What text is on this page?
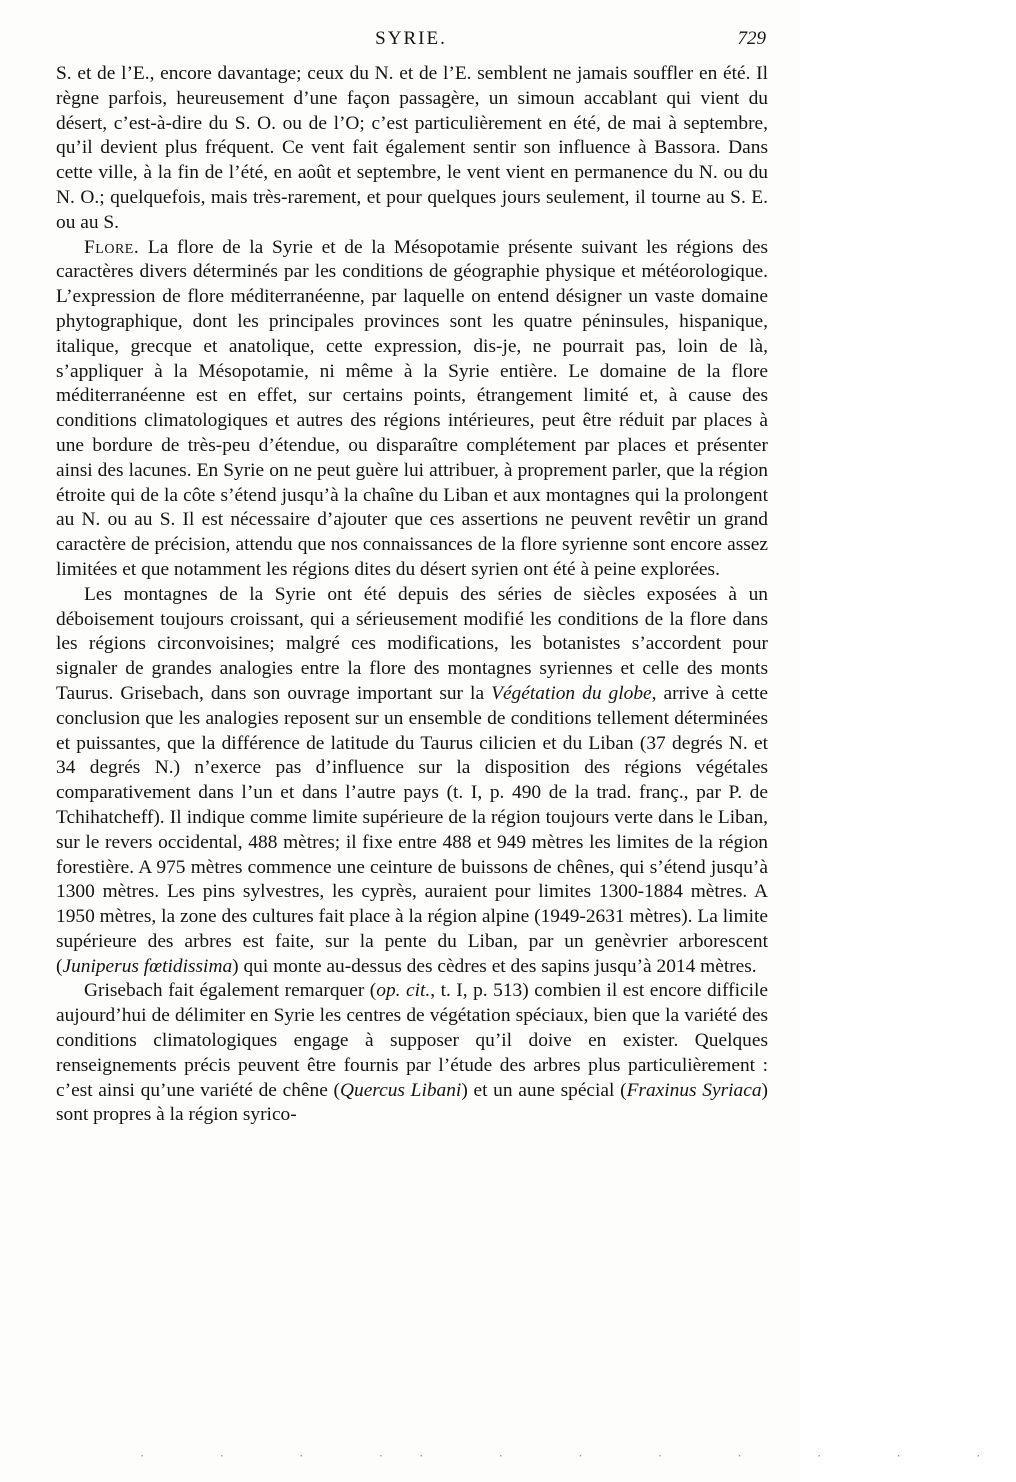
SYRIE.	729

S. et de l’E., encore davantage; ceux du N. et de l’E. semblent ne jamais souffler en été. Il règne parfois, heureusement d’une façon passagère, un simoun accablant qui vient du désert, c’est-à-dire du S. O. ou de l’O; c’est particulièrement en été, de mai à septembre, qu’il devient plus fréquent. Ce vent fait également sentir son influence à Bassora. Dans cette ville, à la fin de l’été, en août et septembre, le vent vient en permanence du N. ou du N. O.; quelquefois, mais très-rarement, et pour quelques jours seulement, il tourne au S. E. ou au S.

Flore. La flore de la Syrie et de la Mésopotamie présente suivant les régions des caractères divers déterminés par les conditions de géographie physique et météorologique. L’expression de flore méditerranéenne, par laquelle on entend désigner un vaste domaine phytographique, dont les principales provinces sont les quatre péninsules, hispanique, italique, grecque et anatolique, cette expression, dis-je, ne pourrait pas, loin de là, s’appliquer à la Mésopotamie, ni même à la Syrie entière. Le domaine de la flore méditerranéenne est en effet, sur certains points, étrangement limité et, à cause des conditions climatologiques et autres des régions intérieures, peut être réduit par places à une bordure de très-peu d’étendue, ou disparaître complétement par places et présenter ainsi des lacunes. En Syrie on ne peut guère lui attribuer, à proprement parler, que la région étroite qui de la côte s’étend jusqu’à la chaîne du Liban et aux montagnes qui la prolongent au N. ou au S. Il est nécessaire d’ajouter que ces assertions ne peuvent revêtir un grand caractère de précision, attendu que nos connaissances de la flore syrienne sont encore assez limitées et que notamment les régions dites du désert syrien ont été à peine explorées.

Les montagnes de la Syrie ont été depuis des séries de siècles exposées à un déboisement toujours croissant, qui a sérieusement modifié les conditions de la flore dans les régions circonvoisines; malgré ces modifications, les botanistes s’accordent pour signaler de grandes analogies entre la flore des montagnes syriennes et celle des monts Taurus. Grisebach, dans son ouvrage important sur la Végétation du globe, arrive à cette conclusion que les analogies reposent sur un ensemble de conditions tellement déterminées et puissantes, que la différence de latitude du Taurus cilicien et du Liban (37 degrés N. et 34 degrés N.) n’exerce pas d’influence sur la disposition des régions végétales comparativement dans l’un et dans l’autre pays (t. I, p. 490 de la trad. franç., par P. de Tchihatcheff). Il indique comme limite supérieure de la région toujours verte dans le Liban, sur le revers occidental, 488 mètres; il fixe entre 488 et 949 mètres les limites de la région forestière. A 975 mètres commence une ceinture de buissons de chênes, qui s’étend jusqu’à 1300 mètres. Les pins sylvestres, les cyprès, auraient pour limites 1300-1884 mètres. A 1950 mètres, la zone des cultures fait place à la région alpine (1949-2631 mètres). La limite supérieure des arbres est faite, sur la pente du Liban, par un genèvrier arborescent (Juniperus fœtidissima) qui monte au-dessus des cèdres et des sapins jusqu’à 2014 mètres.

Grisebach fait également remarquer (op. cit., t. I, p. 513) combien il est encore difficile aujourd’hui de délimiter en Syrie les centres de végétation spéciaux, bien que la variété des conditions climatologiques engage à supposer qu’il doive en exister. Quelques renseignements précis peuvent être fournis par l’étude des arbres plus particulièrement : c’est ainsi qu’une variété de chêne (Quercus Libani) et un aune spécial (Fraxinus Syriaca) sont propres à la région syrico-

· · · ·· · · · · · · ·
